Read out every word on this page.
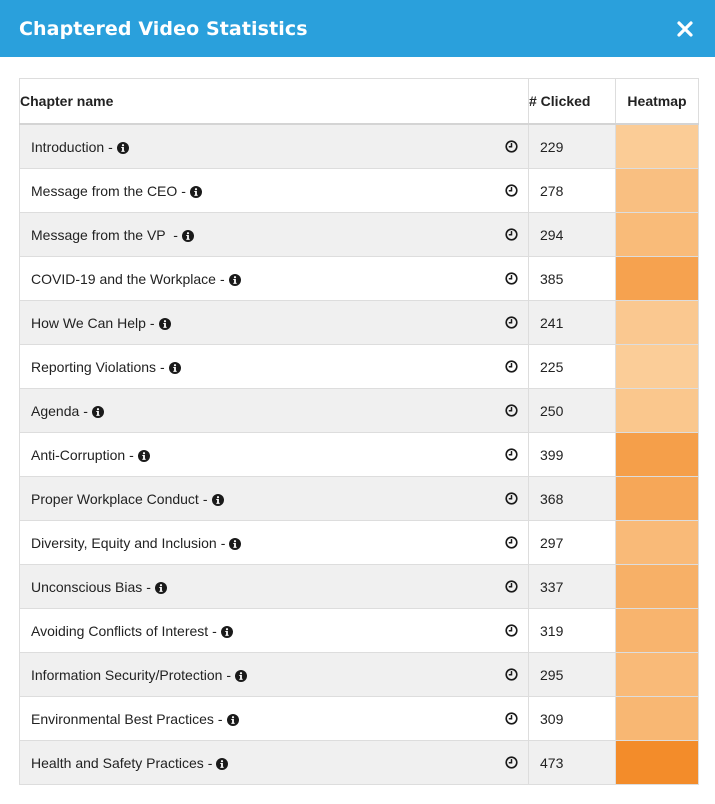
Chaptered Video Statistics
Chapter name	# Clicked	Heatmap

Introduction -	229	

Message from the CEO -	278	

Message from the VP -	294	

COVID-19 and the Workplace -	385	

How We Can Help -	241	

Reporting Violations -	225	

Agenda -	250	

Anti-Corruption -	399	

Proper Workplace Conduct -	368	

Diversity, Equity and Inclusion -	297	

Unconscious Bias -	337	

Avoiding Conflicts of Interest -	319	

Information Security/Protection -	295	

Environmental Best Practices -	309	

Health and Safety Practices -	473	
